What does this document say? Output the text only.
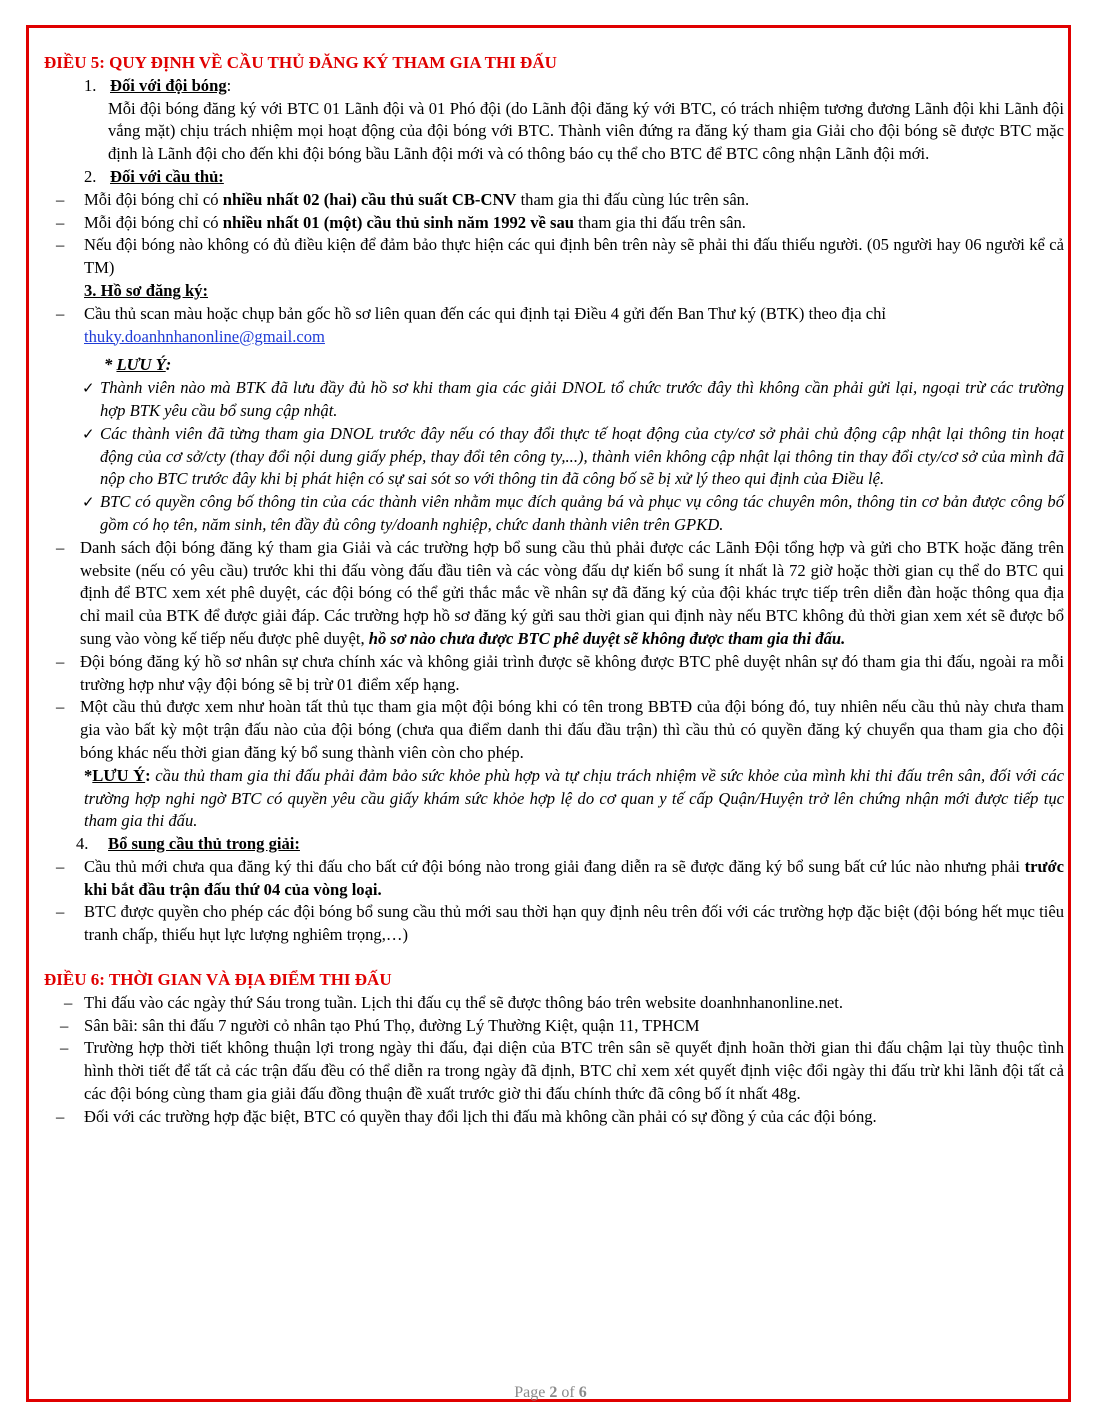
ĐIỀU 5: QUY ĐỊNH VỀ CẦU THỦ ĐĂNG KÝ THAM GIA THI ĐẤU

1. Đối với đội bóng:

Mỗi đội bóng đăng ký với BTC 01 Lãnh đội và 01 Phó đội (do Lãnh đội đăng ký với BTC, có trách nhiệm tương đương Lãnh đội khi Lãnh đội vắng mặt) chịu trách nhiệm mọi hoạt động của đội bóng với BTC. Thành viên đứng ra đăng ký tham gia Giải cho đội bóng sẽ được BTC mặc định là Lãnh đội cho đến khi đội bóng bầu Lãnh đội mới và có thông báo cụ thể cho BTC để BTC công nhận Lãnh đội mới.

2. Đối với cầu thủ:

– Mỗi đội bóng chỉ có nhiều nhất 02 (hai) cầu thủ suất CB-CNV tham gia thi đấu cùng lúc trên sân.

– Mỗi đội bóng chỉ có nhiều nhất 01 (một) cầu thủ sinh năm 1992 về sau tham gia thi đấu trên sân.

– Nếu đội bóng nào không có đủ điều kiện để đảm bảo thực hiện các qui định bên trên này sẽ phải thi đấu thiếu người. (05 người hay 06 người kể cả TM)

3. Hồ sơ đăng ký:

– Cầu thủ scan màu hoặc chụp bản gốc hồ sơ liên quan đến các qui định tại Điều 4 gửi đến Ban Thư ký (BTK) theo địa chỉ
thuky.doanhnhanonline@gmail.com

* LƯU Ý:

✓ Thành viên nào mà BTK đã lưu đầy đủ hồ sơ khi tham gia các giải DNOL tổ chức trước đây thì không cần phải gửi lại, ngoại trừ các trường hợp BTK yêu cầu bổ sung cập nhật.

✓ Các thành viên đã từng tham gia DNOL trước đây nếu có thay đổi thực tế hoạt động của cty/cơ sở phải chủ động cập nhật lại thông tin hoạt động của cơ sở/cty (thay đổi nội dung giấy phép, thay đổi tên công ty,...), thành viên không cập nhật lại thông tin thay đổi cty/cơ sở của mình đã nộp cho BTC trước đây khi bị phát hiện có sự sai sót so với thông tin đã công bố sẽ bị xử lý theo qui định của Điều lệ.

✓ BTC có quyền công bố thông tin của các thành viên nhằm mục đích quảng bá và phục vụ công tác chuyên môn, thông tin cơ bản được công bố gồm có họ tên, năm sinh, tên đầy đủ công ty/doanh nghiệp, chức danh thành viên trên GPKD.

– Danh sách đội bóng đăng ký tham gia Giải và các trường hợp bổ sung cầu thủ phải được các Lãnh Đội tổng hợp và gửi cho BTK hoặc đăng trên website (nếu có yêu cầu) trước khi thi đấu vòng đấu đầu tiên và các vòng đấu dự kiến bổ sung ít nhất là 72 giờ hoặc thời gian cụ thể do BTC qui định để BTC xem xét phê duyệt, các đội bóng có thể gửi thắc mắc về nhân sự đã đăng ký của đội khác trực tiếp trên diễn đàn hoặc thông qua địa chỉ mail của BTK để được giải đáp. Các trường hợp hồ sơ đăng ký gửi sau thời gian qui định này nếu BTC không đủ thời gian xem xét sẽ được bổ sung vào vòng kế tiếp nếu được phê duyệt, hồ sơ nào chưa được BTC phê duyệt sẽ không được tham gia thi đấu.

– Đội bóng đăng ký hồ sơ nhân sự chưa chính xác và không giải trình được sẽ không được BTC phê duyệt nhân sự đó tham gia thi đấu, ngoài ra mỗi trường hợp như vậy đội bóng sẽ bị trừ 01 điểm xếp hạng.

– Một cầu thủ được xem như hoàn tất thủ tục tham gia một đội bóng khi có tên trong BBTĐ của đội bóng đó, tuy nhiên nếu cầu thủ này chưa tham gia vào bất kỳ một trận đấu nào của đội bóng (chưa qua điểm danh thi đấu đầu trận) thì cầu thủ có quyền đăng ký chuyển qua tham gia cho đội bóng khác nếu thời gian đăng ký bổ sung thành viên còn cho phép.

*LƯU Ý: cầu thủ tham gia thi đấu phải đảm bảo sức khỏe phù hợp và tự chịu trách nhiệm về sức khỏe của mình khi thi đấu trên sân, đối với các trường hợp nghi ngờ BTC có quyền yêu cầu giấy khám sức khỏe hợp lệ do cơ quan y tế cấp Quận/Huyện trở lên chứng nhận mới được tiếp tục tham gia thi đấu.

4. Bổ sung cầu thủ trong giải:

– Cầu thủ mới chưa qua đăng ký thi đấu cho bất cứ đội bóng nào trong giải đang diễn ra sẽ được đăng ký bổ sung bất cứ lúc nào nhưng phải trước khi bắt đầu trận đấu thứ 04 của vòng loại.

– BTC được quyền cho phép các đội bóng bổ sung cầu thủ mới sau thời hạn quy định nêu trên đối với các trường hợp đặc biệt (đội bóng hết mục tiêu tranh chấp, thiếu hụt lực lượng nghiêm trọng,…)

ĐIỀU 6: THỜI GIAN VÀ ĐỊA ĐIỂM THI ĐẤU

– Thi đấu vào các ngày thứ Sáu trong tuần. Lịch thi đấu cụ thể sẽ được thông báo trên website doanhnhanonline.net.

– Sân bãi: sân thi đấu 7 người cỏ nhân tạo Phú Thọ, đường Lý Thường Kiệt, quận 11, TPHCM

– Trường hợp thời tiết không thuận lợi trong ngày thi đấu, đại diện của BTC trên sân sẽ quyết định hoãn thời gian thi đấu chậm lại tùy thuộc tình hình thời tiết để tất cả các trận đấu đều có thể diễn ra trong ngày đã định, BTC chỉ xem xét quyết định việc đổi ngày thi đấu trừ khi lãnh đội tất cả các đội bóng cùng tham gia giải đấu đồng thuận đề xuất trước giờ thi đấu chính thức đã công bố ít nhất 48g.

– Đối với các trường hợp đặc biệt, BTC có quyền thay đổi lịch thi đấu mà không cần phải có sự đồng ý của các đội bóng.

Page 2 of 6
